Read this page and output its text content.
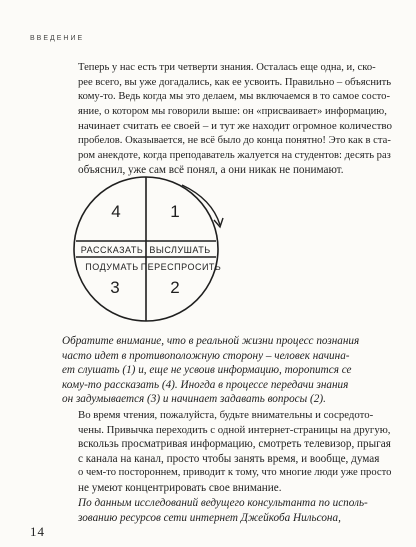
ВВЕДЕНИЕ

Теперь у нас есть три четверти знания. Осталась еще одна, и, ско-
рее всего, вы уже догадались, как ее усвоить. Правильно – объяснить
кому-то. Ведь когда мы это делаем, мы включаемся в то самое состо-
яние, о котором мы говорили выше: он «присваивает» информацию,
начинает считать ее своей – и тут же находит огромное количество
пробелов. Оказывается, не всё было до конца понятно! Это как в ста-
ром анекдоте, когда преподаватель жалуется на студентов: десять раз
объяснил, уже сам всё понял, а они никак не понимают.

4
РАССКАЗАТЬ
1
ВЫСЛУШАТЬ
ПОДУМАТЬ
3
ПЕРЕСПРОСИТЬ
2

Обратите внимание, что в реальной жизни процесс познания
часто идет в противоположную сторону – человек начина-
ет слушать (1) и, еще не усвоив информацию, торопится се
кому-то рассказать (4). Иногда в процессе передачи знания
он задумывается (3) и начинает задавать вопросы (2).

Во время чтения, пожалуйста, будьте внимательны и сосредото-
чены. Привычка переходить с одной интернет-страницы на другую,
вскользь просматривая информацию, смотреть телевизор, прыгая
с канала на канал, просто чтобы занять время, и вообще, думая
о чем-то постороннем, приводит к тому, что многие люди уже просто
не умеют концентрировать свое внимание.

По данным исследований ведущего консультанта по исполь-
зованию ресурсов сети интернет Джейкоба Нильсона,

14
